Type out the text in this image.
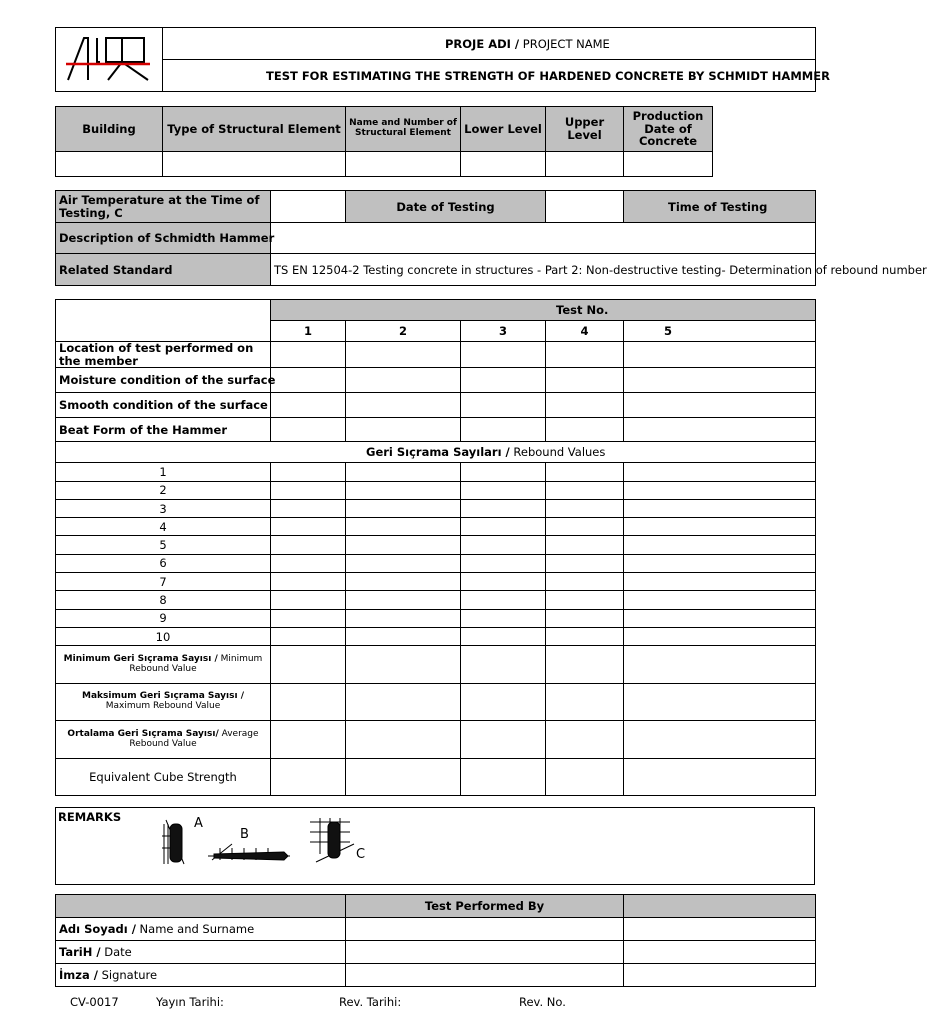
	PROJE ADI / PROJECT NAME
TEST FOR ESTIMATING THE STRENGTH OF HARDENED CONCRETE BY SCHMIDT HAMMER
Building	Type of Structural Element	Name and Number of Structural Element	Lower Level	Upper Level	Production Date of Concrete

Air Temperature at the Time of Testing, C		Date of Testing		Time of Testing
Description of Schmidth Hammer				
Related Standard	TS EN 12504-2 Testing concrete in structures - Part 2: Non-destructive testing- Determination of rebound number			
	Test No.				
	1	2	3	4	5
Location of test performed on the member					
Moisture condition of the surface					
Smooth condition of the surface					
Beat Form of the Hammer					
Geri Sıçrama Sayıları / Rebound Values					
1					
2					
3					
4					
5					
6					
7					
8					
9					
10					
Minimum Geri Sıçrama Sayısı / Minimum Rebound Value					
Maksimum Geri Sıçrama Sayısı / Maximum Rebound Value					
Ortalama Geri Sıçrama Sayısı/ Average Rebound Value					
Equivalent Cube Strength					
REMARKS	A
B
C
	Test Performed By	
Adı Soyadı / Name and Surname		
TariH / Date		
İmza / Signature		
CV-0017	Yayın Tarihi:	Rev. Tarihi:	Rev. No.
